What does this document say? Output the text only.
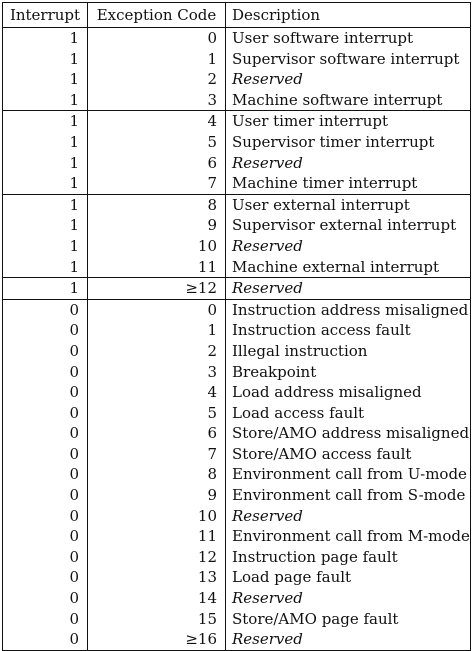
Interrupt	Exception Code	Description
1	0	User software interrupt
1	1	Supervisor software interrupt
1	2	Reserved
1	3	Machine software interrupt
1	4	User timer interrupt
1	5	Supervisor timer interrupt
1	6	Reserved
1	7	Machine timer interrupt
1	8	User external interrupt
1	9	Supervisor external interrupt
1	10	Reserved
1	11	Machine external interrupt
1	≥12	Reserved
0	0	Instruction address misaligned
0	1	Instruction access fault
0	2	Illegal instruction
0	3	Breakpoint
0	4	Load address misaligned
0	5	Load access fault
0	6	Store/AMO address misaligned
0	7	Store/AMO access fault
0	8	Environment call from U-mode
0	9	Environment call from S-mode
0	10	Reserved
0	11	Environment call from M-mode
0	12	Instruction page fault
0	13	Load page fault
0	14	Reserved
0	15	Store/AMO page fault
0	≥16	Reserved
